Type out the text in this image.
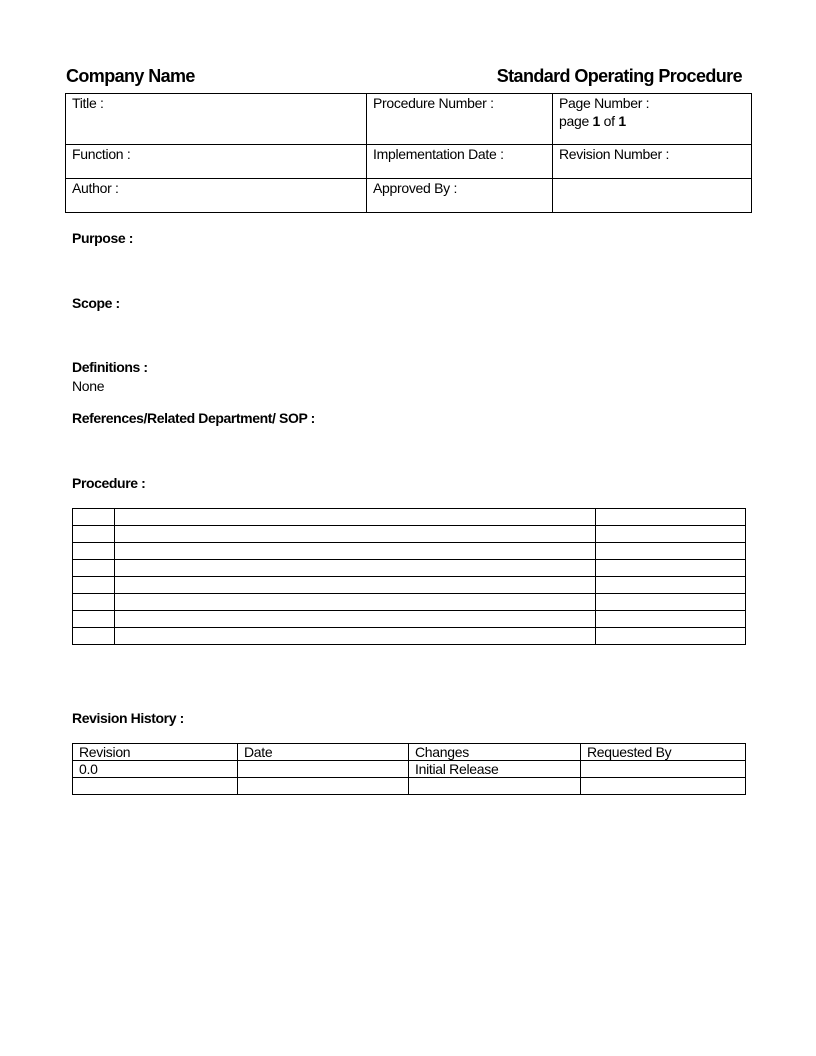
Company Name	Standard Operating Procedure
Title :	Procedure Number :	Page Number :
page 1 of 1

Function :	Implementation Date :	Revision Number :
Author :	Approved By :	
Purpose :
Scope :
Definitions :
None
References/Related Department/ SOP :
Procedure :

Revision History :
Revision	Date	Changes	Requested By
0.0		Initial Release	
